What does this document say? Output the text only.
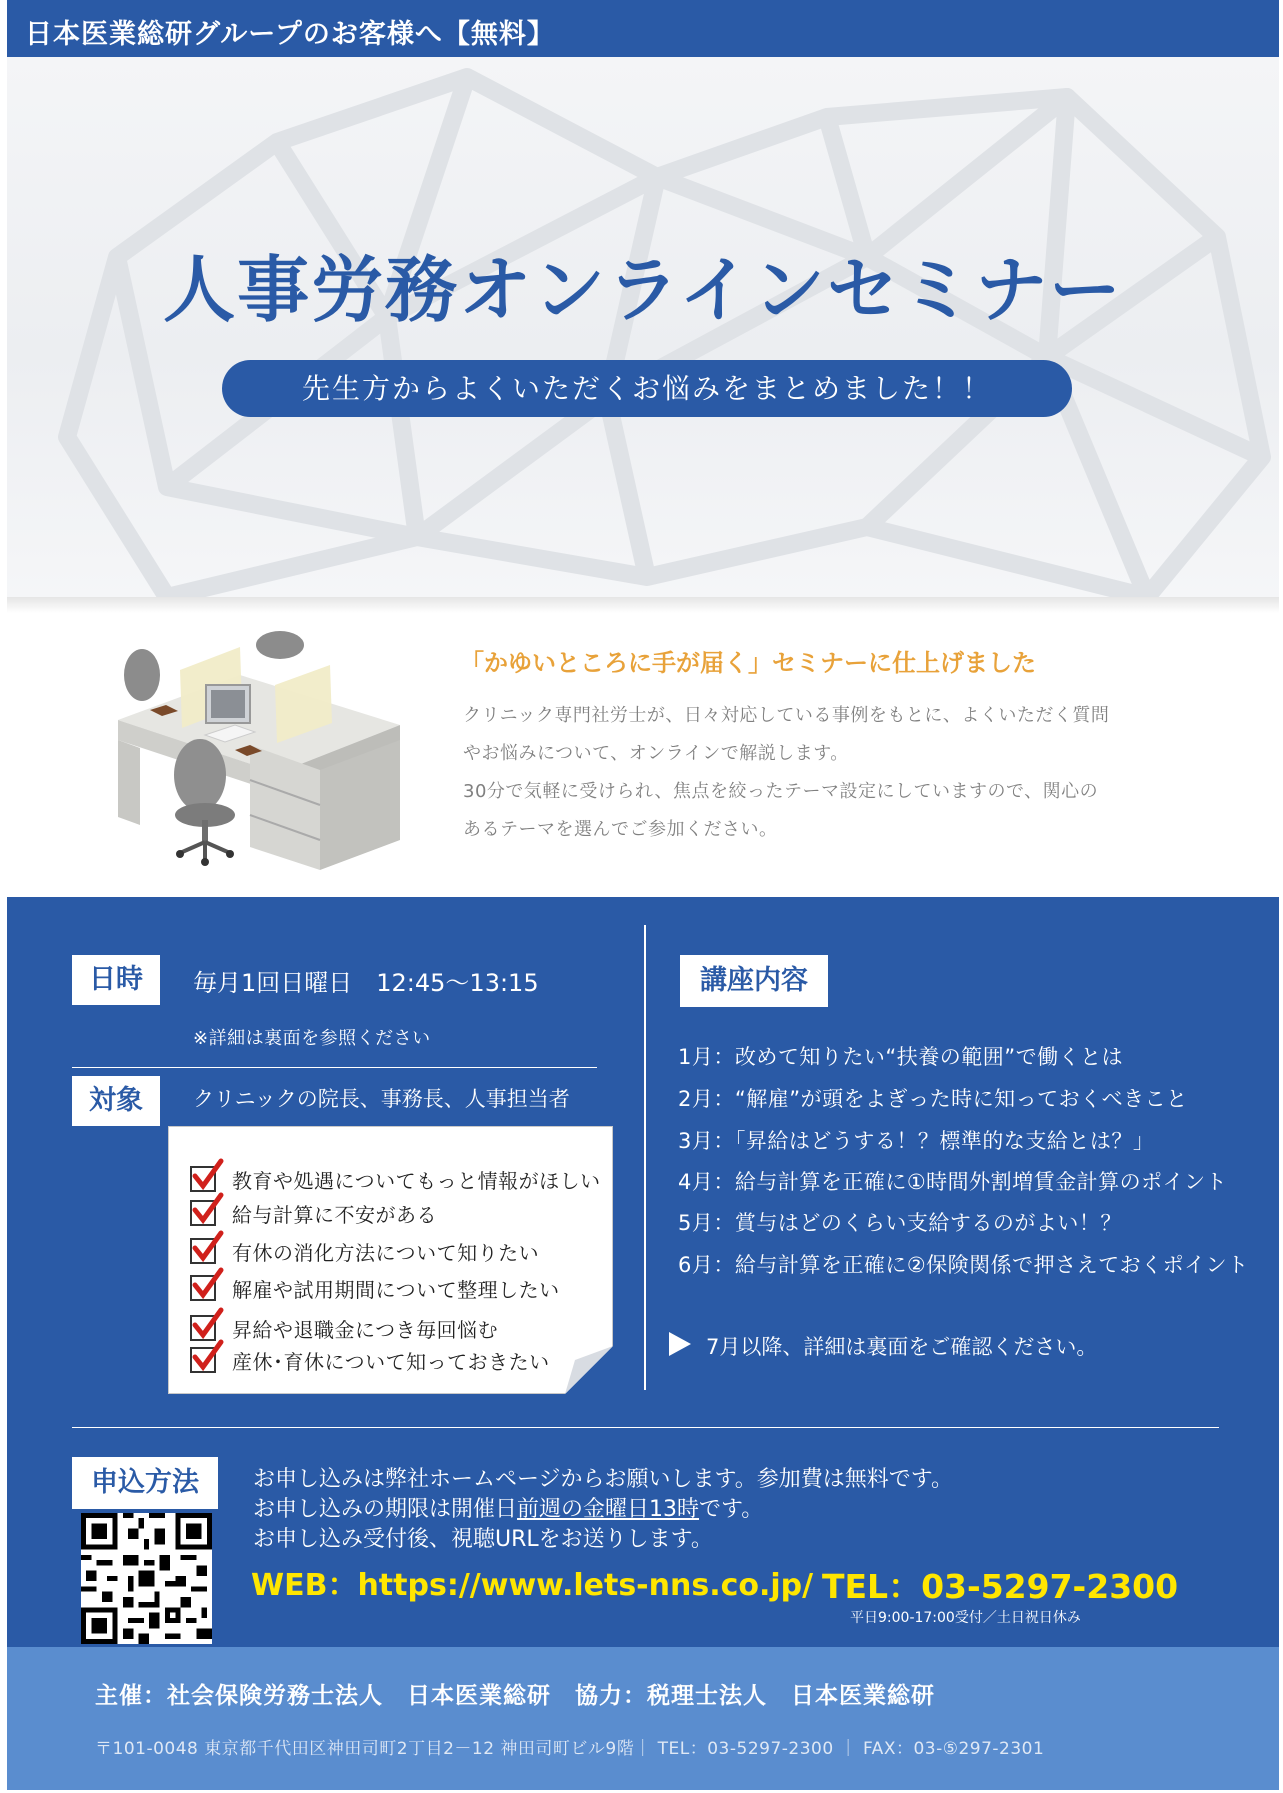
日本医業総研グループのお客様へ【無料】
人事労務オンラインセミナー
先生方からよくいただくお悩みをまとめました！！
「かゆいところに手が届く」セミナーに仕上げました
クリニック専門社労士が、日々対応している事例をもとに、よくいただく質問
やお悩みについて、オンラインで解説します。
30分で気軽に受けられ、焦点を絞ったテーマ設定にしていますので、関心の
あるテーマを選んでご参加ください。
日時	毎月1回日曜日　12:45～13:15
※詳細は裏面を参照ください
対象	クリニックの院長、事務長、人事担当者
教育や処遇についてもっと情報がほしい
給与計算に不安がある
有休の消化方法について知りたい
解雇や試用期間について整理したい
昇給や退職金につき毎回悩む
産休･育休について知っておきたい
講座内容
1月：改めて知りたい“扶養の範囲”で働くとは
2月：“解雇”が頭をよぎった時に知っておくべきこと
3月：「昇給はどうする！？標準的な支給とは？」
4月：給与計算を正確に①時間外割増賃金計算のポイント
5月：賞与はどのくらい支給するのがよい！？
6月：給与計算を正確に②保険関係で押さえておくポイント
7月以降、詳細は裏面をご確認ください。
申込方法	お申し込みは弊社ホームページからお願いします。参加費は無料です。
お申し込みの期限は開催日前週の金曜日13時です。
お申し込み受付後、視聴URLをお送りします。
WEB：https://www.lets-nns.co.jp/ TEL：03-5297-2300
平日9:00-17:00受付／土日祝日休み
主催：社会保険労務士法人　日本医業総研　協力：税理士法人　日本医業総研
〒101-0048 東京都千代田区神田司町2丁目2－12 神田司町ビル9階｜ TEL：03-5297-2300 ｜ FAX：03-⑤297-2301
